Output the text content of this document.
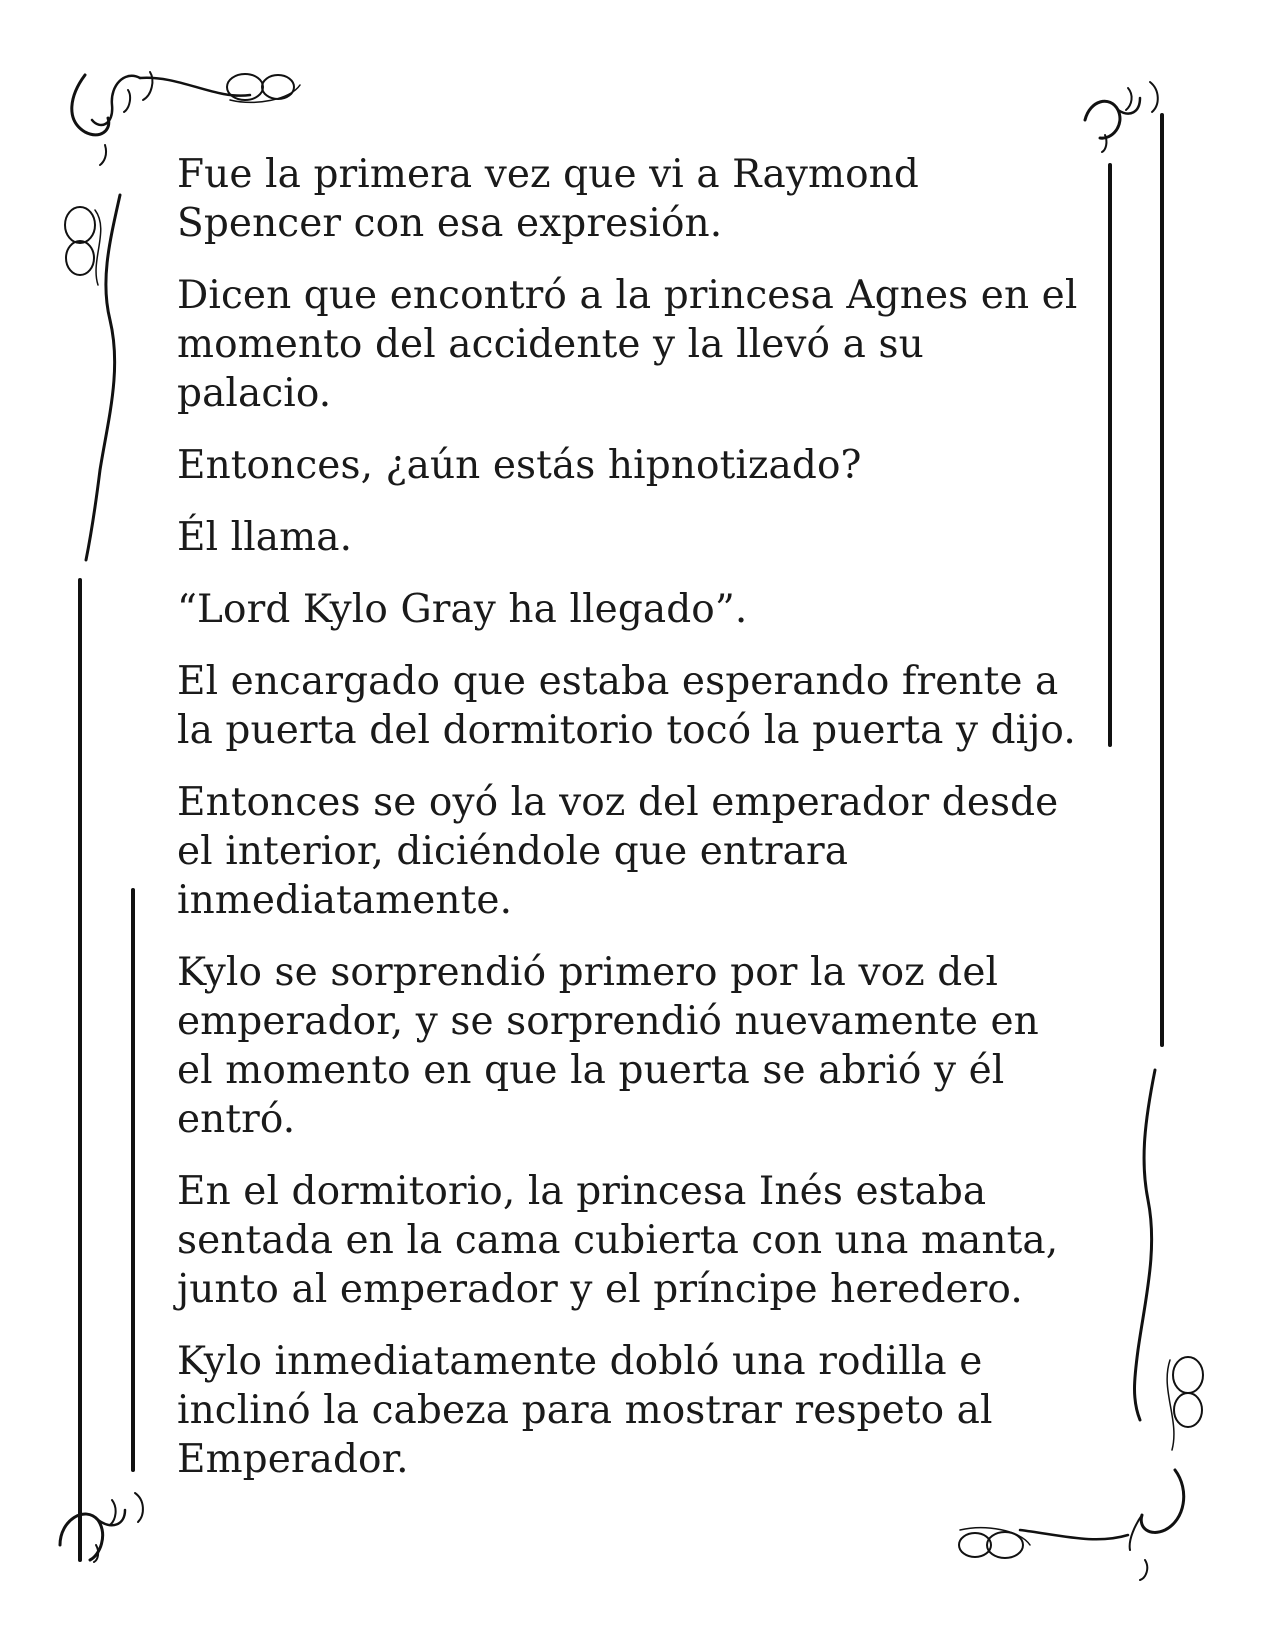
Fue la primera vez que vi a Raymond Spencer con esa expresión.

Dicen que encontró a la princesa Agnes en el momento del accidente y la llevó a su palacio.

Entonces, ¿aún estás hipnotizado?

Él llama.

“Lord Kylo Gray ha llegado”.

El encargado que estaba esperando frente a la puerta del dormitorio tocó la puerta y dijo.

Entonces se oyó la voz del emperador desde el interior, diciéndole que entrara inmediatamente.

Kylo se sorprendió primero por la voz del emperador, y se sorprendió nuevamente en el momento en que la puerta se abrió y él entró.

En el dormitorio, la princesa Inés estaba sentada en la cama cubierta con una manta, junto al emperador y el príncipe heredero.

Kylo inmediatamente dobló una rodilla e inclinó la cabeza para mostrar respeto al Emperador.
